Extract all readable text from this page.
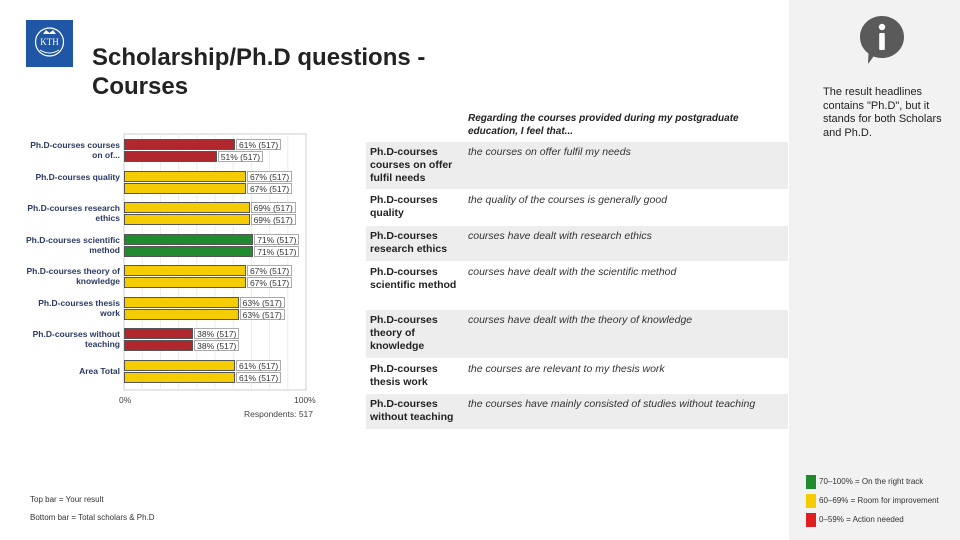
KTH
Scholarship/Ph.D questions - Courses	The result headlines contains "Ph.D", but it stands for both Scholars and Ph.D.
Ph.D-courses courses on of...
61% (517)
51% (517)
Ph.D-courses quality	67% (517)
67% (517)
Ph.D-courses research ethics
69% (517)
69% (517)
Ph.D-courses scientific method
71% (517)
71% (517)
Ph.D-courses theory of knowledge
67% (517)
67% (517)
Ph.D-courses thesis work
63% (517)
63% (517)
Ph.D-courses without teaching
38% (517)
38% (517)
Area Total	61% (517)
61% (517)
0%	100%
Respondents: 517
Regarding the courses provided during my postgraduate education, I feel that...
Ph.D-courses courses on offer fulfil needs
the courses on offer fulfil my needs
Ph.D-courses quality
the quality of the courses is generally good
Ph.D-courses research ethics
courses have dealt with research ethics
Ph.D-courses scientific method
courses have dealt with the scientific method
Ph.D-courses theory of knowledge
courses have dealt with the theory of knowledge
Ph.D-courses thesis work
the courses are relevant to my thesis work
Ph.D-courses without teaching
the courses have mainly consisted of studies without teaching
Top bar = Your result
Bottom bar = Total scholars & Ph.D
70–100% = On the right track
60–69% = Room for improvement
0–59% = Action needed
